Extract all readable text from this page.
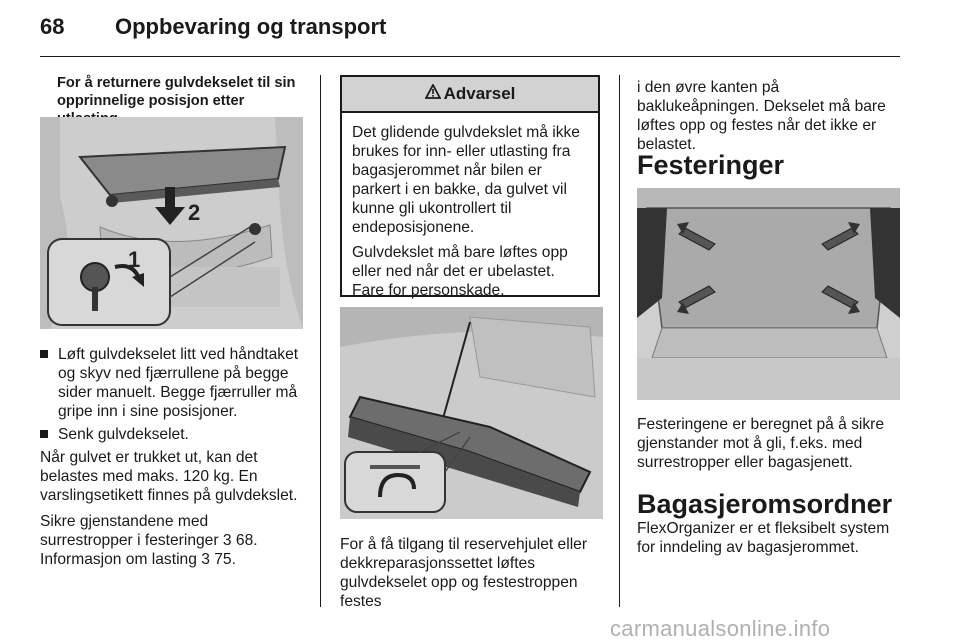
68 Oppbevaring og transport

For å returnere gulvdekselet til sin opprinnelige posisjon etter

2
1

Løft gulvdekselet litt ved håndtaket og skyv ned fjærrullene på begge sider manuelt. Begge fjærruller må gripe inn i sine posisjoner.

Senk gulvdekselet.

Når gulvet er trukket ut, kan det belastes med maks. 120 kg. En varslingsetikett finnes på gulvdekslet.

Sikre gjenstandene med surrestropper i festeringer 3 68. Informasjon om lasting 3 75.

Advarsel

Det glidende gulvdekslet må ikke brukes for inn- eller utlasting fra bagasjerommet når bilen er parkert i en bakke, da gulvet vil kunne gli ukontrollert til endeposisjonene.

Gulvdekslet må bare løftes opp eller ned når det er ubelastet. Fare for personskade.

For å få tilgang til reservehjulet eller dekkreparasjonssettet løftes gulvdekselet opp og festestroppen festes

i den øvre kanten på baklukeåpningen. Dekselet må bare løftes opp og festes når det ikke er belastet.

Festeringer

Festeringene er beregnet på å sikre gjenstander mot å gli, f.eks. med surrestropper eller bagasjenett.

Bagasjeromsordner

FlexOrganizer er et fleksibelt system for inndeling av bagasjerommet.

carmanualsonline.info
